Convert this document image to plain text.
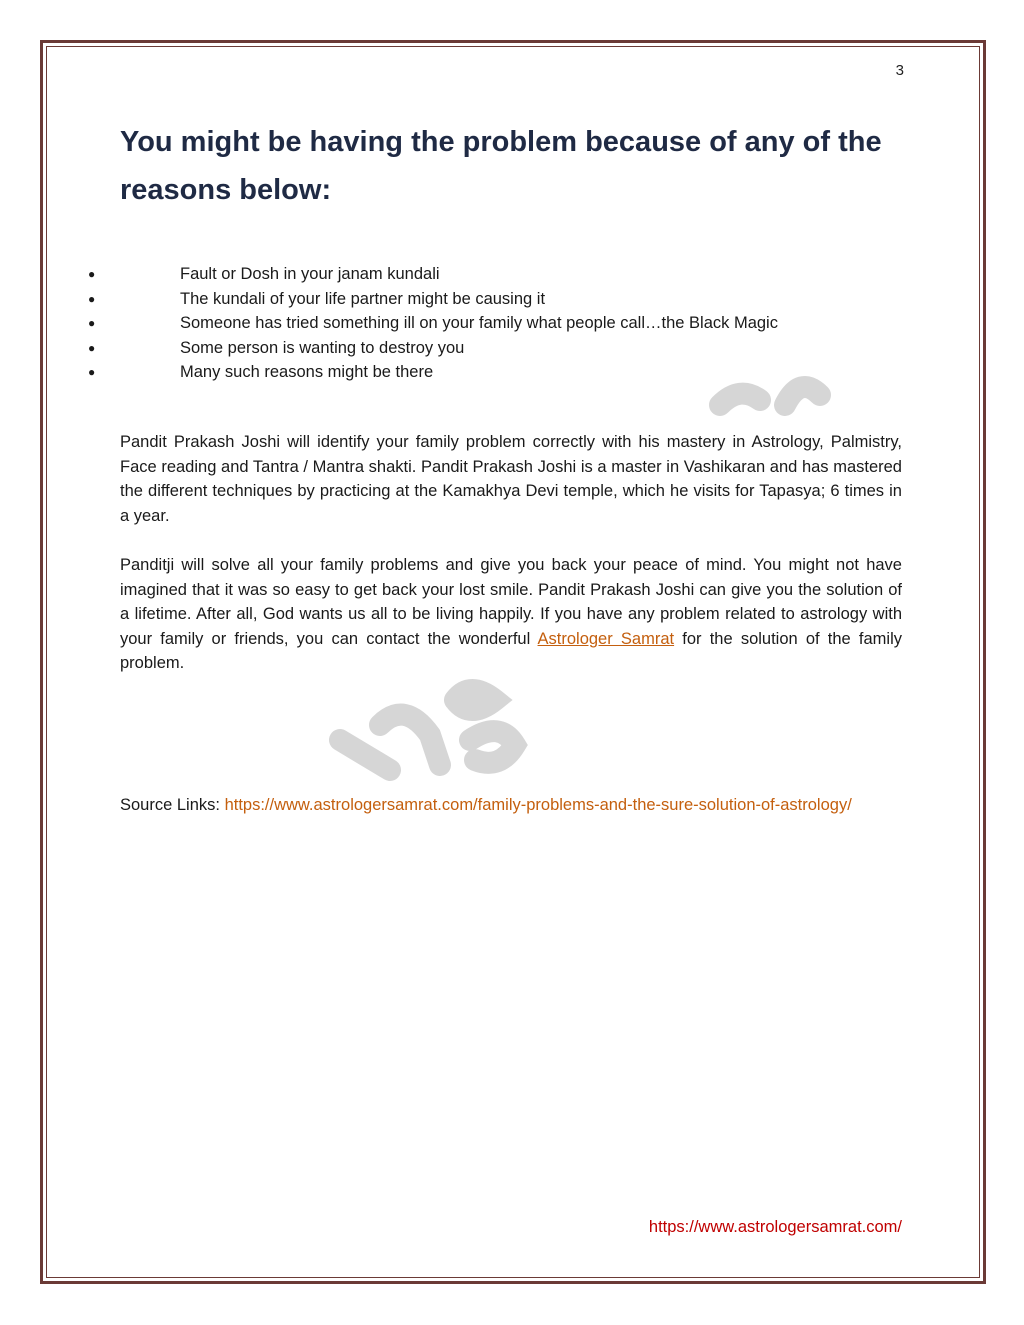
3
You might be having the problem because of any of the reasons below:
●	Fault or Dosh in your janam kundali
●	The kundali of your life partner might be causing it
●	Someone has tried something ill on your family what people call…the Black Magic
●	Some person is wanting to destroy you
●	Many such reasons might be there

Pandit Prakash Joshi will identify your family problem correctly with his mastery in Astrology, Palmistry, Face reading and Tantra / Mantra shakti. Pandit Prakash Joshi is a master in Vashikaran and has mastered the different techniques by practicing at the Kamakhya Devi temple, which he visits for Tapasya; 6 times in a year.

Panditji will solve all your family problems and give you back your peace of mind. You might not have imagined that it was so easy to get back your lost smile. Pandit Prakash Joshi can give you the solution of a lifetime. After all, God wants us all to be living happily. If you have any problem related to astrology with your family or friends, you can contact the wonderful Astrologer Samrat for the solution of the family problem.

Source Links: https://www.astrologersamrat.com/family-problems-and-the-sure-solution-of-astrology/

https://www.astrologersamrat.com/
